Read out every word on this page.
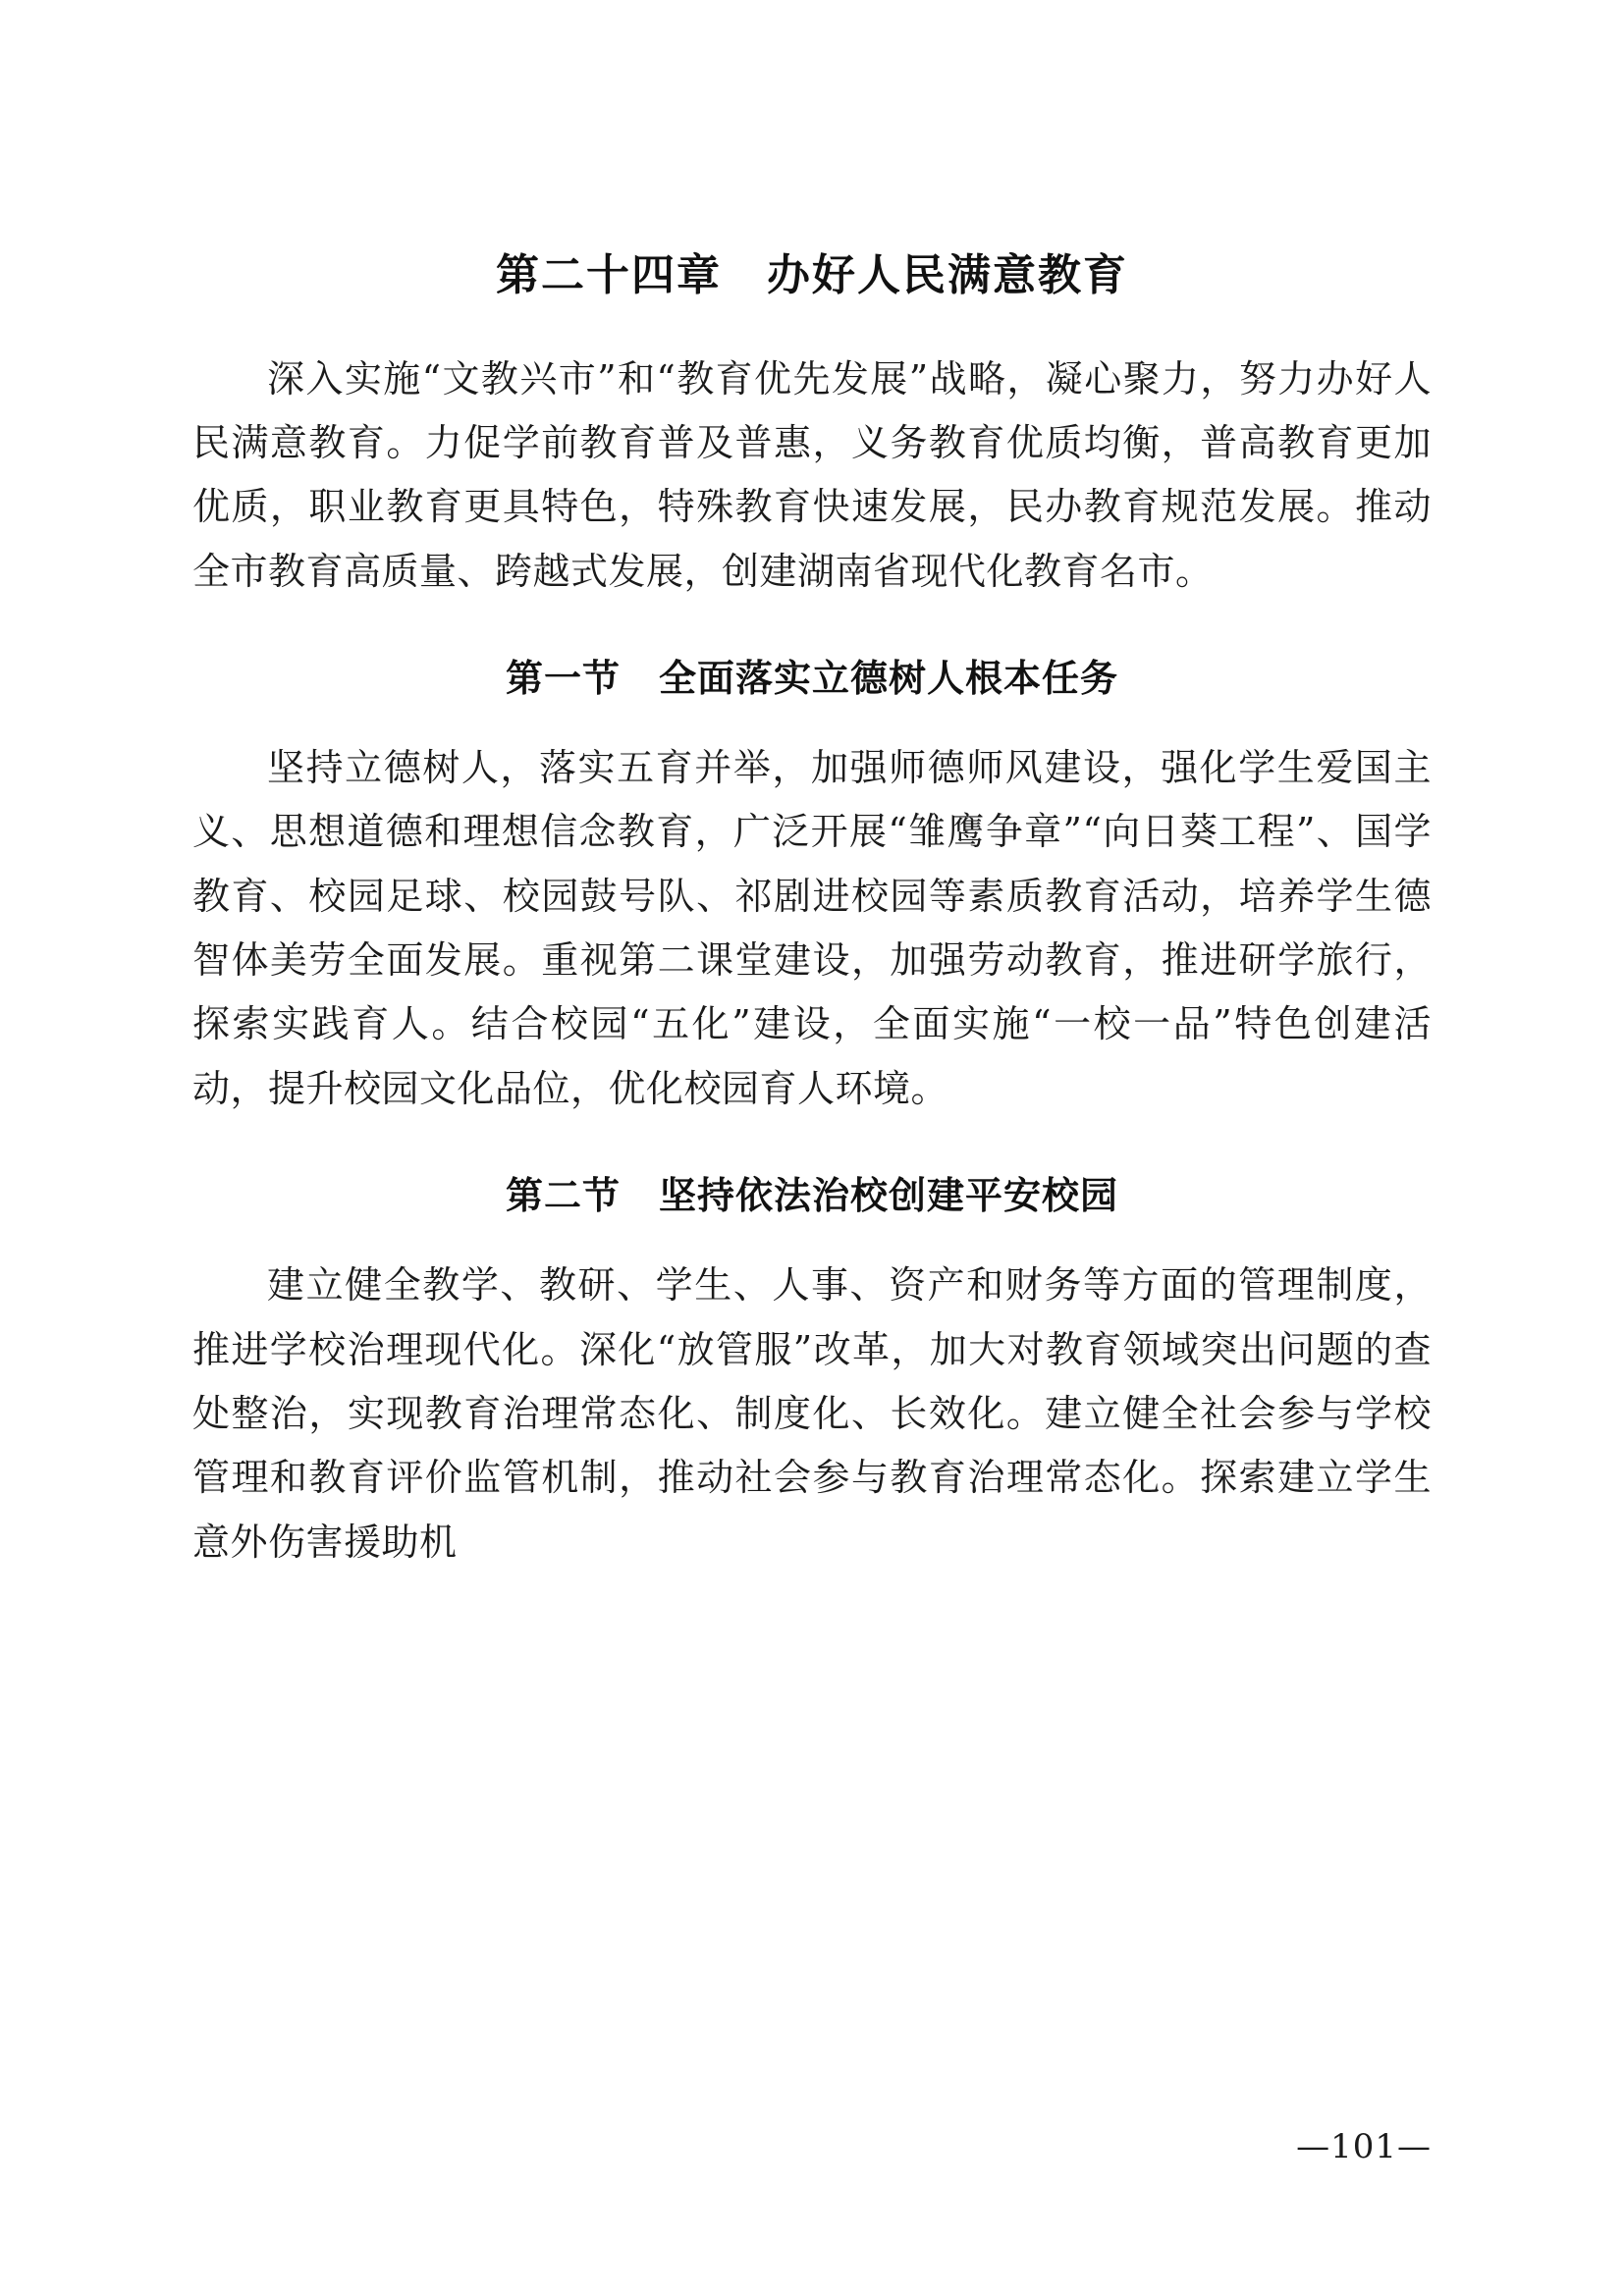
第二十四章　办好人民满意教育

深入实施“文教兴市”和“教育优先发展”战略，凝心聚力，努力办好人民满意教育。力促学前教育普及普惠，义务教育优质均衡，普高教育更加优质，职业教育更具特色，特殊教育快速发展，民办教育规范发展。推动全市教育高质量、跨越式发展，创建湖南省现代化教育名市。

第一节　全面落实立德树人根本任务

坚持立德树人，落实五育并举，加强师德师风建设，强化学生爱国主义、思想道德和理想信念教育，广泛开展“雏鹰争章”“向日葵工程”、国学教育、校园足球、校园鼓号队、祁剧进校园等素质教育活动，培养学生德智体美劳全面发展。重视第二课堂建设，加强劳动教育，推进研学旅行，探索实践育人。结合校园“五化”建设，全面实施“一校一品”特色创建活动，提升校园文化品位，优化校园育人环境。

第二节　坚持依法治校创建平安校园

建立健全教学、教研、学生、人事、资产和财务等方面的管理制度，推进学校治理现代化。深化“放管服”改革，加大对教育领域突出问题的查处整治，实现教育治理常态化、制度化、长效化。建立健全社会参与学校管理和教育评价监管机制，推动社会参与教育治理常态化。探索建立学生意外伤害援助机

—101—
